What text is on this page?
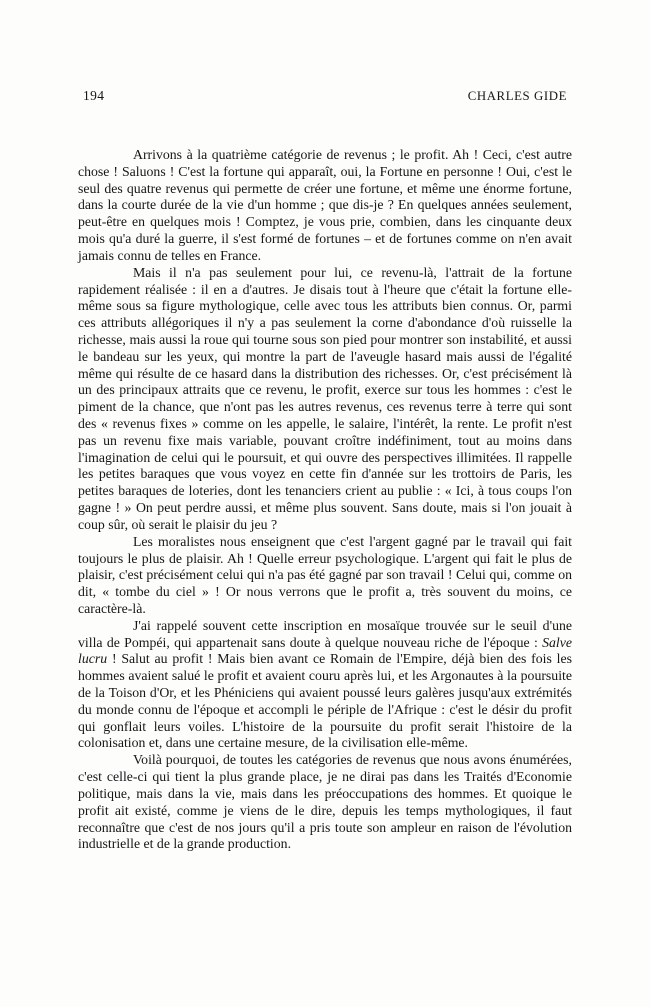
194	CHARLES GIDE

Arrivons à la quatrième catégorie de revenus ; le profit. Ah ! Ceci, c'est autre chose ! Saluons ! C'est la fortune qui apparaît, oui, la Fortune en personne ! Oui, c'est le seul des quatre revenus qui permette de créer une fortune, et même une énorme fortune, dans la courte durée de la vie d'un homme ; que dis-je ? En quelques années seulement, peut-être en quelques mois ! Comptez, je vous prie, combien, dans les cinquante deux mois qu'a duré la guerre, il s'est formé de fortunes – et de fortunes comme on n'en avait jamais connu de telles en France.

Mais il n'a pas seulement pour lui, ce revenu-là, l'attrait de la fortune rapidement réalisée : il en a d'autres. Je disais tout à l'heure que c'était la fortune elle-même sous sa figure mythologique, celle avec tous les attributs bien connus. Or, parmi ces attributs allégoriques il n'y a pas seulement la corne d'abondance d'où ruisselle la richesse, mais aussi la roue qui tourne sous son pied pour montrer son instabilité, et aussi le bandeau sur les yeux, qui montre la part de l'aveugle hasard mais aussi de l'égalité même qui résulte de ce hasard dans la distribution des richesses. Or, c'est précisément là un des principaux attraits que ce revenu, le profit, exerce sur tous les hommes : c'est le piment de la chance, que n'ont pas les autres revenus, ces revenus terre à terre qui sont des « revenus fixes » comme on les appelle, le salaire, l'intérêt, la rente. Le profit n'est pas un revenu fixe mais variable, pouvant croître indéfiniment, tout au moins dans l'imagination de celui qui le poursuit, et qui ouvre des perspectives illimitées. Il rappelle les petites baraques que vous voyez en cette fin d'année sur les trottoirs de Paris, les petites baraques de loteries, dont les tenanciers crient au publie : « Ici, à tous coups l'on gagne ! » On peut perdre aussi, et même plus souvent. Sans doute, mais si l'on jouait à coup sûr, où serait le plaisir du jeu ?

Les moralistes nous enseignent que c'est l'argent gagné par le travail qui fait toujours le plus de plaisir. Ah ! Quelle erreur psychologique. L'argent qui fait le plus de plaisir, c'est précisément celui qui n'a pas été gagné par son travail ! Celui qui, comme on dit, « tombe du ciel » ! Or nous verrons que le profit a, très souvent du moins, ce caractère-là.

J'ai rappelé souvent cette inscription en mosaïque trouvée sur le seuil d'une villa de Pompéi, qui appartenait sans doute à quelque nouveau riche de l'époque : Salve lucru ! Salut au profit ! Mais bien avant ce Romain de l'Empire, déjà bien des fois les hommes avaient salué le profit et avaient couru après lui, et les Argonautes à la poursuite de la Toison d'Or, et les Phéniciens qui avaient poussé leurs galères jusqu'aux extrémités du monde connu de l'époque et accompli le périple de l'Afrique : c'est le désir du profit qui gonflait leurs voiles. L'histoire de la poursuite du profit serait l'histoire de la colonisation et, dans une certaine mesure, de la civilisation elle-même.

Voilà pourquoi, de toutes les catégories de revenus que nous avons énumérées, c'est celle-ci qui tient la plus grande place, je ne dirai pas dans les Traités d'Economie politique, mais dans la vie, mais dans les préoccupations des hommes. Et quoique le profit ait existé, comme je viens de le dire, depuis les temps mythologiques, il faut reconnaître que c'est de nos jours qu'il a pris toute son ampleur en raison de l'évolution industrielle et de la grande production.
